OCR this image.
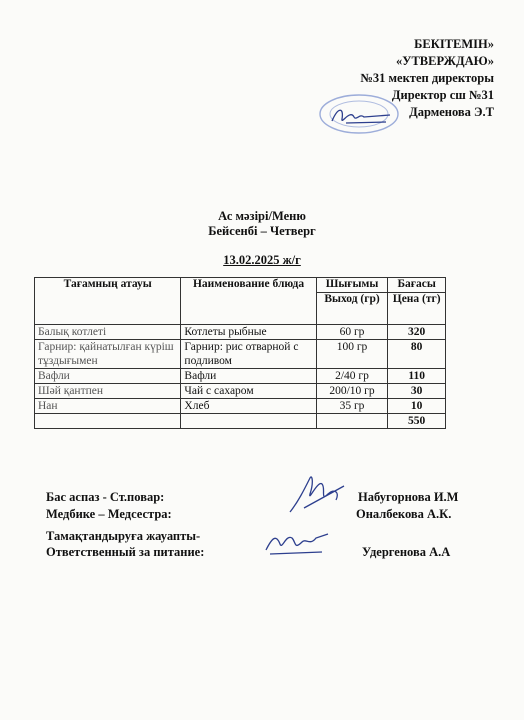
БЕКІТЕМІН»
«УТВЕРЖДАЮ»
№31 мектеп директоры
Директор сш №31
Дарменова Э.Т
Ас мәзірі/Меню
Бейсенбі – Четверг
13.02.2025 ж/г
Тағамның атауы	Наименование блюда	Шығымы	Бағасы
		Выход (гр)	Цена (тг)
Балық котлеті	Котлеты рыбные	60 гр	320
Гарнир: қайнатылған күріш тұздығымен	Гарнир: рис отварной с подливом	100 гр	80
Вафли	Вафли	2/40 гр	110
Шәй қантпен	Чай с сахаром	200/10 гр	30
Нан	Хлеб	35 гр	10
			550
Бас аспаз - Ст.повар:	Набугорнова И.М
Медбике – Медсестра:	Оналбекова А.К.
Тамақтандыруға жауапты-
Ответственный за питание:	Удергенова А.А
